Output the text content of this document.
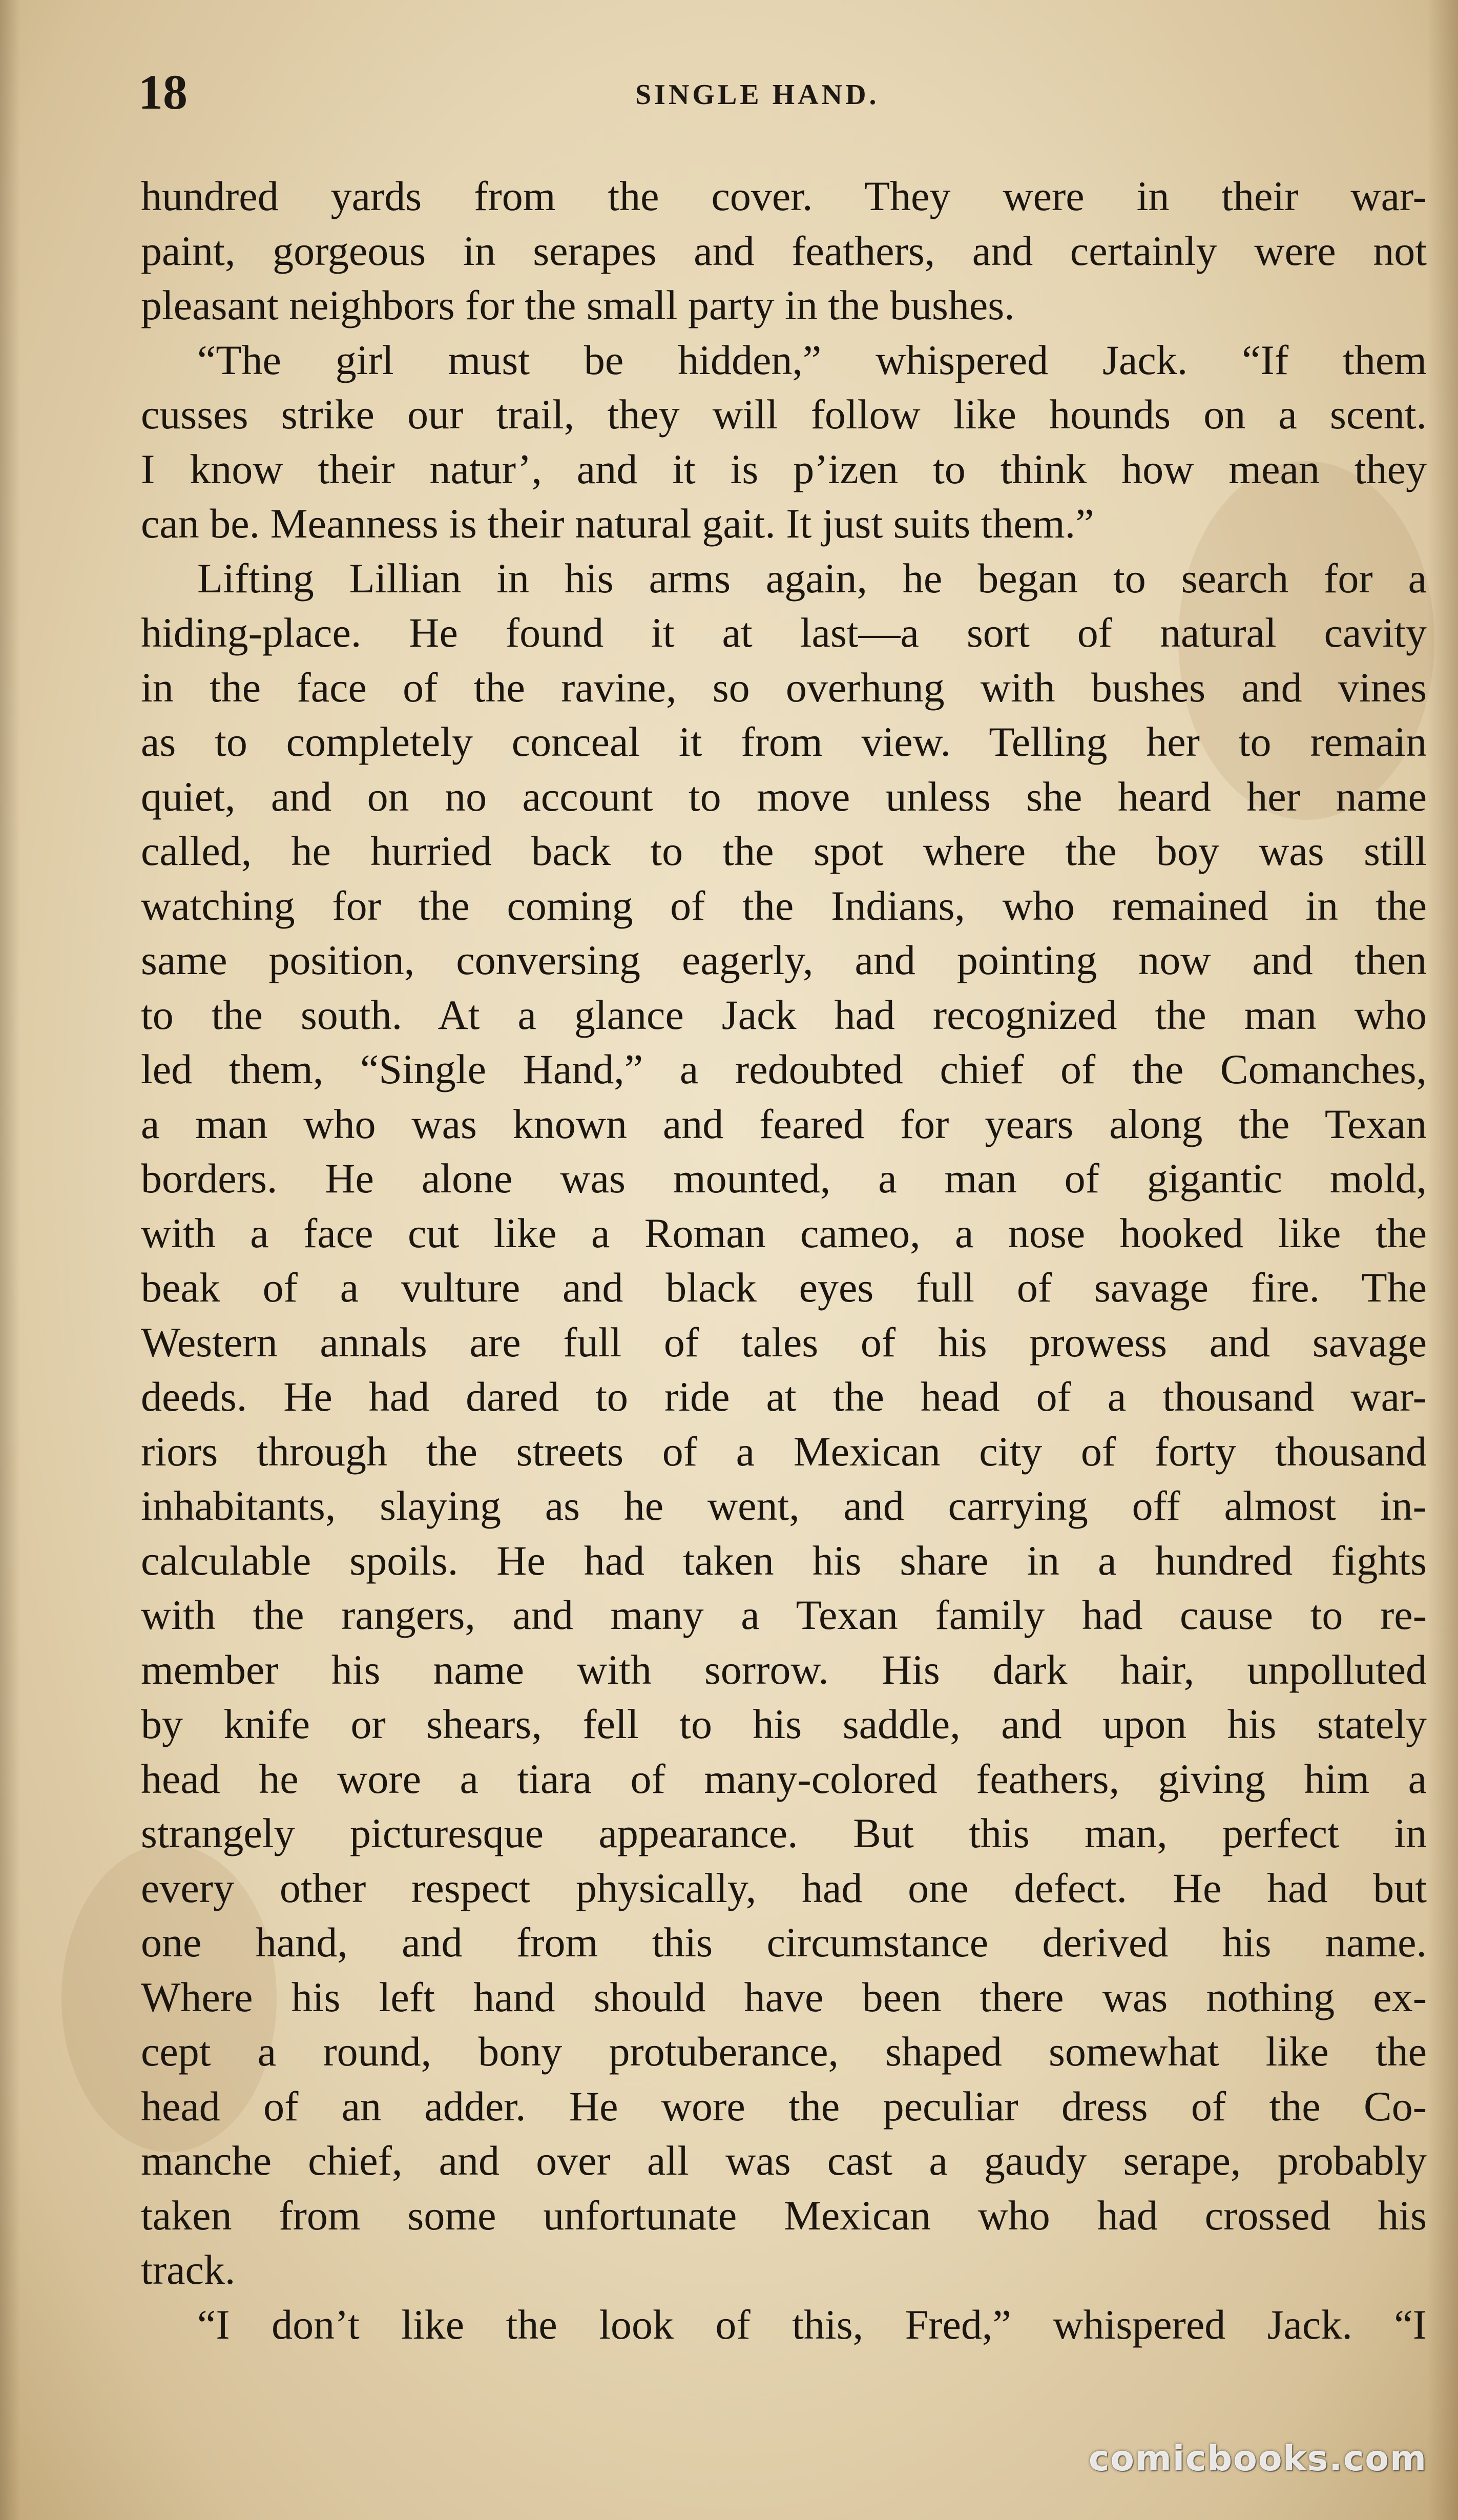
18	SINGLE HAND.
hundred yards from the cover. They were in their war-
paint, gorgeous in serapes and feathers, and certainly were not
pleasant neighbors for the small party in the bushes.
“The girl must be hidden,” whispered Jack. “If them
cusses strike our trail, they will follow like hounds on a scent.
I know their natur’, and it is p’izen to think how mean they
can be. Meanness is their natural gait. It just suits them.”
Lifting Lillian in his arms again, he began to search for a
hiding-place. He found it at last—a sort of natural cavity
in the face of the ravine, so overhung with bushes and vines
as to completely conceal it from view. Telling her to remain
quiet, and on no account to move unless she heard her name
called, he hurried back to the spot where the boy was still
watching for the coming of the Indians, who remained in the
same position, conversing eagerly, and pointing now and then
to the south. At a glance Jack had recognized the man who
led them, “Single Hand,” a redoubted chief of the Comanches,
a man who was known and feared for years along the Texan
borders. He alone was mounted, a man of gigantic mold,
with a face cut like a Roman cameo, a nose hooked like the
beak of a vulture and black eyes full of savage fire. The
Western annals are full of tales of his prowess and savage
deeds. He had dared to ride at the head of a thousand war-
riors through the streets of a Mexican city of forty thousand
inhabitants, slaying as he went, and carrying off almost in-
calculable spoils. He had taken his share in a hundred fights
with the rangers, and many a Texan family had cause to re-
member his name with sorrow. His dark hair, unpolluted
by knife or shears, fell to his saddle, and upon his stately
head he wore a tiara of many-colored feathers, giving him a
strangely picturesque appearance. But this man, perfect in
every other respect physically, had one defect. He had but
one hand, and from this circumstance derived his name.
Where his left hand should have been there was nothing ex-
cept a round, bony protuberance, shaped somewhat like the
head of an adder. He wore the peculiar dress of the Co-
manche chief, and over all was cast a gaudy serape, probably
taken from some unfortunate Mexican who had crossed his
track.
“I don’t like the look of this, Fred,” whispered Jack. “I
comicbooks.com
